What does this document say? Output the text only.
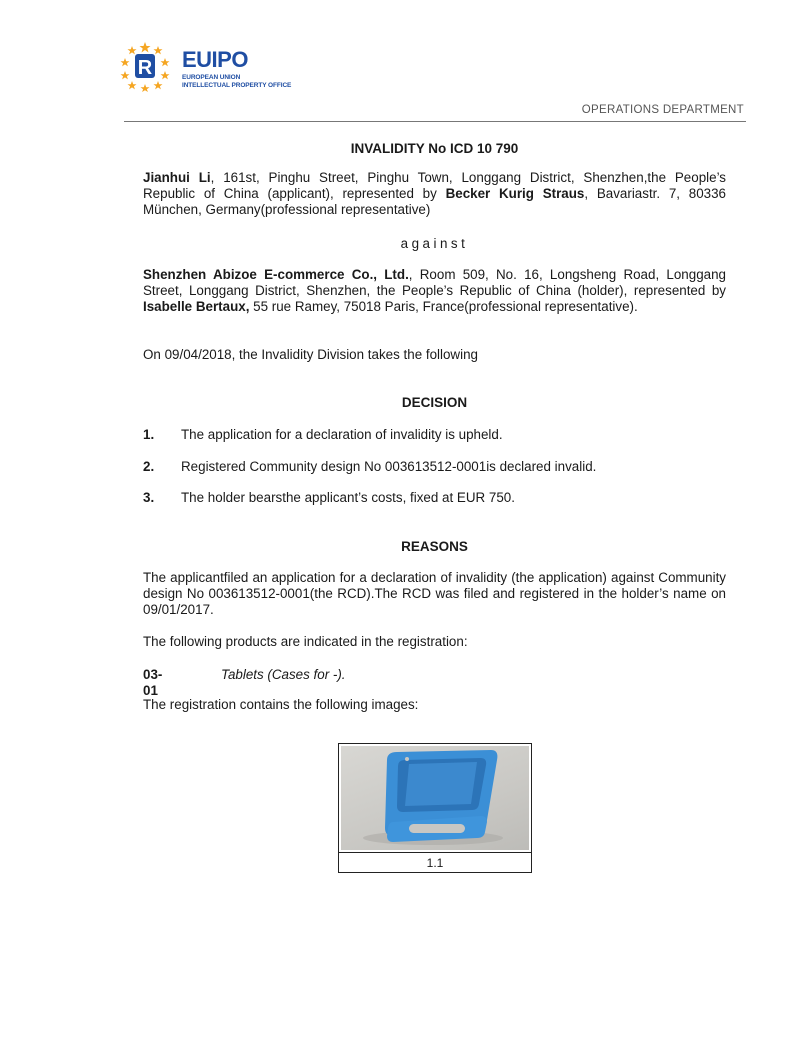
R EUIPO
EUROPEAN UNION
INTELLECTUAL PROPERTY OFFICE
OPERATIONS DEPARTMENT
INVALIDITY No ICD 10 790

Jianhui Li, 161st, Pinghu Street, Pinghu Town, Longgang District, Shenzhen,the People’s Republic of China (applicant), represented by Becker Kurig Straus, Bavariastr. 7, 80336 München, Germany(professional representative)

against

Shenzhen Abizoe E-commerce Co., Ltd., Room 509, No. 16, Longsheng Road, Longgang Street, Longgang District, Shenzhen, the People’s Republic of China (holder), represented by Isabelle Bertaux, 55 rue Ramey, 75018 Paris, France(professional representative).

On 09/04/2018, the Invalidity Division takes the following

DECISION
1. The application for a declaration of invalidity is upheld.
2. Registered Community design No 003613512-0001is declared invalid.
3. The holder bearsthe applicant’s costs, fixed at EUR 750.
REASONS

The applicantfiled an application for a declaration of invalidity (the application) against Community design No 003613512-0001(the RCD).The RCD was filed and registered in the holder’s name on 09/01/2017.

The following products are indicated in the registration:

03-01
Tablets (Cases for -).

The registration contains the following images:

1.1
